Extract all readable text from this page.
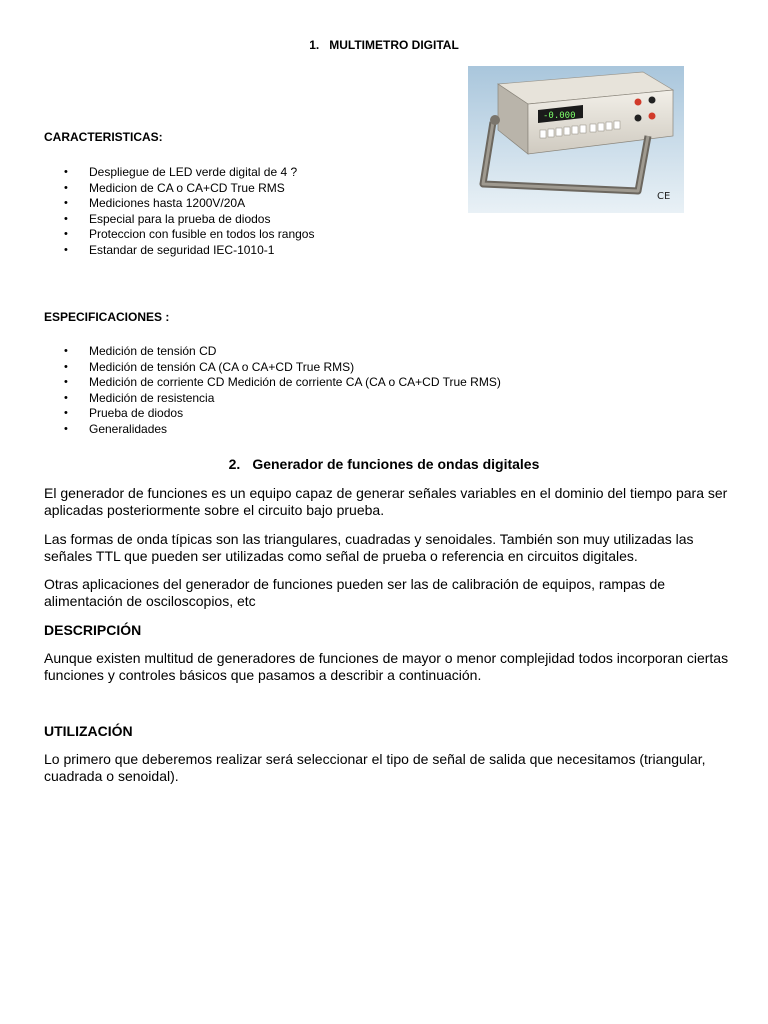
1. MULTIMETRO DIGITAL
-0.000
CE
CARACTERISTICAS:
• Despliegue de LED verde digital de 4 ?
• Medicion de CA o CA+CD True RMS
• Mediciones hasta 1200V/20A
• Especial para la prueba de diodos
• Proteccion con fusible en todos los rangos
• Estandar de seguridad IEC-1010-1
ESPECIFICACIONES :
• Medición de tensión CD
• Medición de tensión CA (CA o CA+CD True RMS)
• Medición de corriente CD Medición de corriente CA (CA o CA+CD True RMS)
• Medición de resistencia
• Prueba de diodos
• Generalidades
2. Generador de funciones de ondas digitales
El generador de funciones es un equipo capaz de generar señales variables en el dominio del tiempo para ser aplicadas posteriormente sobre el circuito bajo prueba.
Las formas de onda típicas son las triangulares, cuadradas y senoidales. También son muy utilizadas las señales TTL que pueden ser utilizadas como señal de prueba o referencia en circuitos digitales.
Otras aplicaciones del generador de funciones pueden ser las de calibración de equipos, rampas de alimentación de osciloscopios, etc
DESCRIPCIÓN
Aunque existen multitud de generadores de funciones de mayor o menor complejidad todos incorporan ciertas funciones y controles básicos que pasamos a describir a continuación.
UTILIZACIÓN
Lo primero que deberemos realizar será seleccionar el tipo de señal de salida que necesitamos (triangular, cuadrada o senoidal).
